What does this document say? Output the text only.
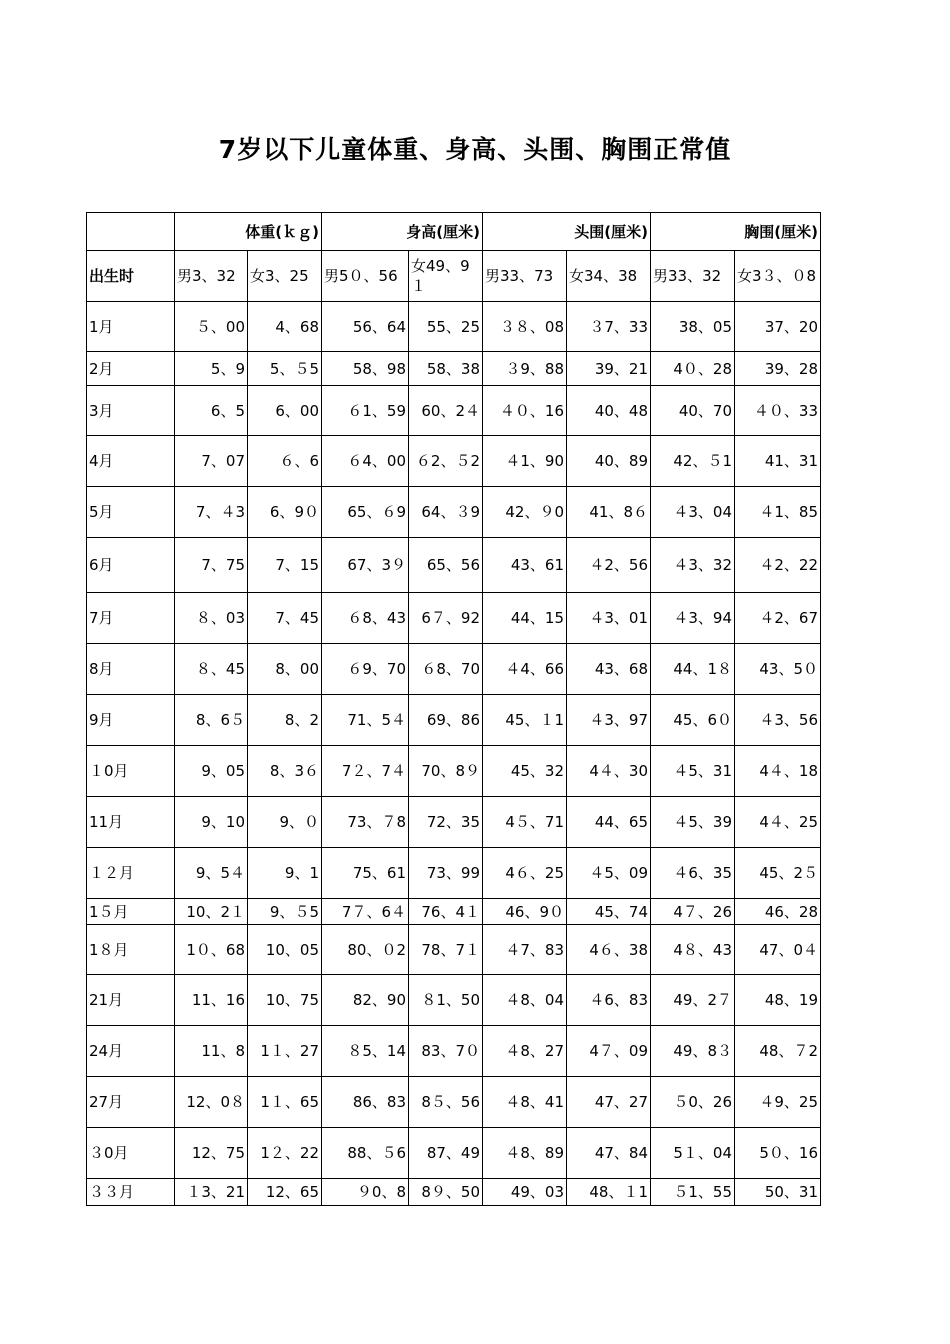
7岁以下儿童体重、身高、头围、胸围正常值
	体重(ｋｇ)		身高(厘米)		头围(厘米)		胸围(厘米)	
出生时	男3、32	女3、25	男5０、56	女49、9１	男33、73	女34、38	男33、32	女3３、０8
1月	５、00	4、68	56、64	55、25	３８、08	３7、33	38、05	37、20
2月	5、9	5、５5	58、98	58、38	３9、88	39、21	4０、28	39、28
3月	6、5	6、00	６1、59	60、2４	４０、16	40、48	40、70	４０、33
4月	7、07	６、6	６4、00	６2、５2	４1、90	40、89	42、５1	41、31
5月	7、４3	6、9０	65、６9	64、３9	42、９0	41、8６	４3、04	４1、85
6月	7、75	7、15	67、3９	65、56	43、61	４2、56	４3、32	４2、22
7月	８、03	7、45	６8、43	6７、92	44、15	４3、01	４3、94	４2、67
8月	８、45	8、00	６9、70	６8、70	４4、66	43、68	44、1８	43、5０
9月	8、6５	8、2	71、5４	69、86	45、１1	４3、97	45、6０	４3、56
１0月	9、05	8、3６	7２、7４	70、8９	45、32	4４、30	４5、31	4４、18
11月	9、10	9、０	73、７8	72、35	4５、71	44、65	４5、39	4４、25
１２月	9、5４	9、1	75、61	73、99	4６、25	４5、09	４6、35	45、2５
1５月	10、2１	9、５5	7７、6４	76、4１	46、9０	45、74	4７、26	46、28
1８月	1０、68	10、05	80、０2	78、7１	４7、83	4６、38	4８、43	47、0４
21月	11、16	10、75	82、90	８1、50	４8、04	４6、83	49、2７	48、19
24月	11、8	1１、27	８5、14	83、7０	４8、27	4７、09	49、8３	48、７2
27月	12、0８	1１、65	86、83	8５、56	４8、41	47、27	５0、26	４9、25
３0月	12、75	1２、22	88、５6	87、49	４8、89	47、84	5１、04	5０、16
３３月	１3、21	12、65	９0、8	8９、50	49、03	48、１1	５1、55	50、31
